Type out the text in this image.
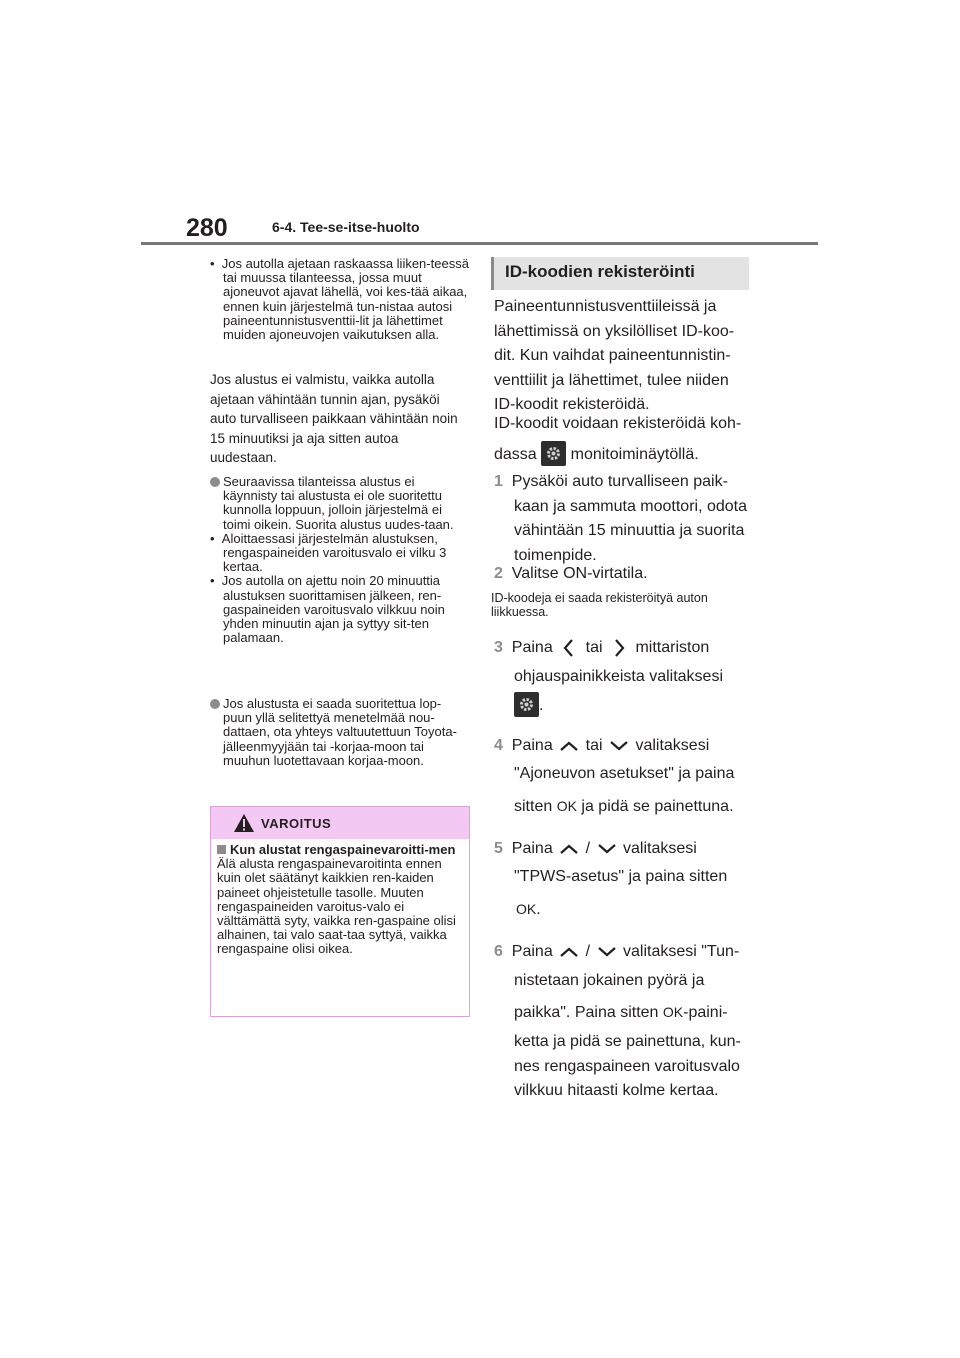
280	6-4. Tee-se-itse-huolto
•  Jos autolla ajetaan raskaassa liiken-teessä tai muussa tilanteessa, jossa muut ajoneuvot ajavat lähellä, voi kes-tää aikaa, ennen kuin järjestelmä tun-nistaa autosi paineentunnistusventtii-lit ja lähettimet muiden ajoneuvojen vaikutuksen alla.
Jos alustus ei valmistu, vaikka autolla ajetaan vähintään tunnin ajan, pysäköi auto turvalliseen paikkaan vähintään noin 15 minuutiksi ja aja sitten autoa uudestaan.
Seuraavissa tilanteissa alustus ei käynnisty tai alustusta ei ole suoritettu kunnolla loppuun, jolloin järjestelmä ei toimi oikein. Suorita alustus uudes-taan.
•  Aloittaessasi järjestelmän alustuksen, rengaspaineiden varoitusvalo ei vilku 3 kertaa.
•  Jos autolla on ajettu noin 20 minuuttia alustuksen suorittamisen jälkeen, ren-gaspaineiden varoitusvalo vilkkuu noin yhden minuutin ajan ja syttyy sit-ten palamaan.
Jos alustusta ei saada suoritettua lop-puun yllä selitettyä menetelmää nou-dattaen, ota yhteys valtuutettuun Toyota-jälleenmyyjään tai -korjaa-moon tai muuhun luotettavaan korjaa-moon.
VAROITUS
Kun alustat rengaspainevaroitti-men
Älä alusta rengaspainevaroitinta ennen kuin olet säätänyt kaikkien ren-kaiden paineet ohjeistetulle tasolle. Muuten rengaspaineiden varoitus-valo ei välttämättä syty, vaikka ren-gaspaine olisi alhainen, tai valo saat-taa syttyä, vaikka rengaspaine olisi oikea.
ID-koodien rekisteröinti
Paineentunnistusventtiileissä ja lähettimissä on yksilölliset ID-koo-dit. Kun vaihdat paineentunnistin-venttiilit ja lähettimet, tulee niiden ID-koodit rekisteröidä.
ID-koodit voidaan rekisteröidä koh-
dassa monitoiminäytöllä.
1 Pysäköi auto turvalliseen paik-kaan ja sammuta moottori, odota vähintään 15 minuuttia ja suorita toimenpide.
2 Valitse ON-virtatila.
ID-koodeja ei saada rekisteröityä auton liikkuessa.
3 Paina tai mittariston
ohjauspainikkeista valitaksesi
.
4 Paina tai valitaksesi
"Ajoneuvon asetukset" ja paina
sitten OK ja pidä se painettuna.
5 Paina / valitaksesi
"TPWS-asetus" ja paina sitten
OK.
6 Paina / valitaksesi "Tun-
nistetaan jokainen pyörä ja
paikka". Paina sitten OK-paini-
ketta ja pidä se painettuna, kun-
nes rengaspaineen varoitusvalo
vilkkuu hitaasti kolme kertaa.
